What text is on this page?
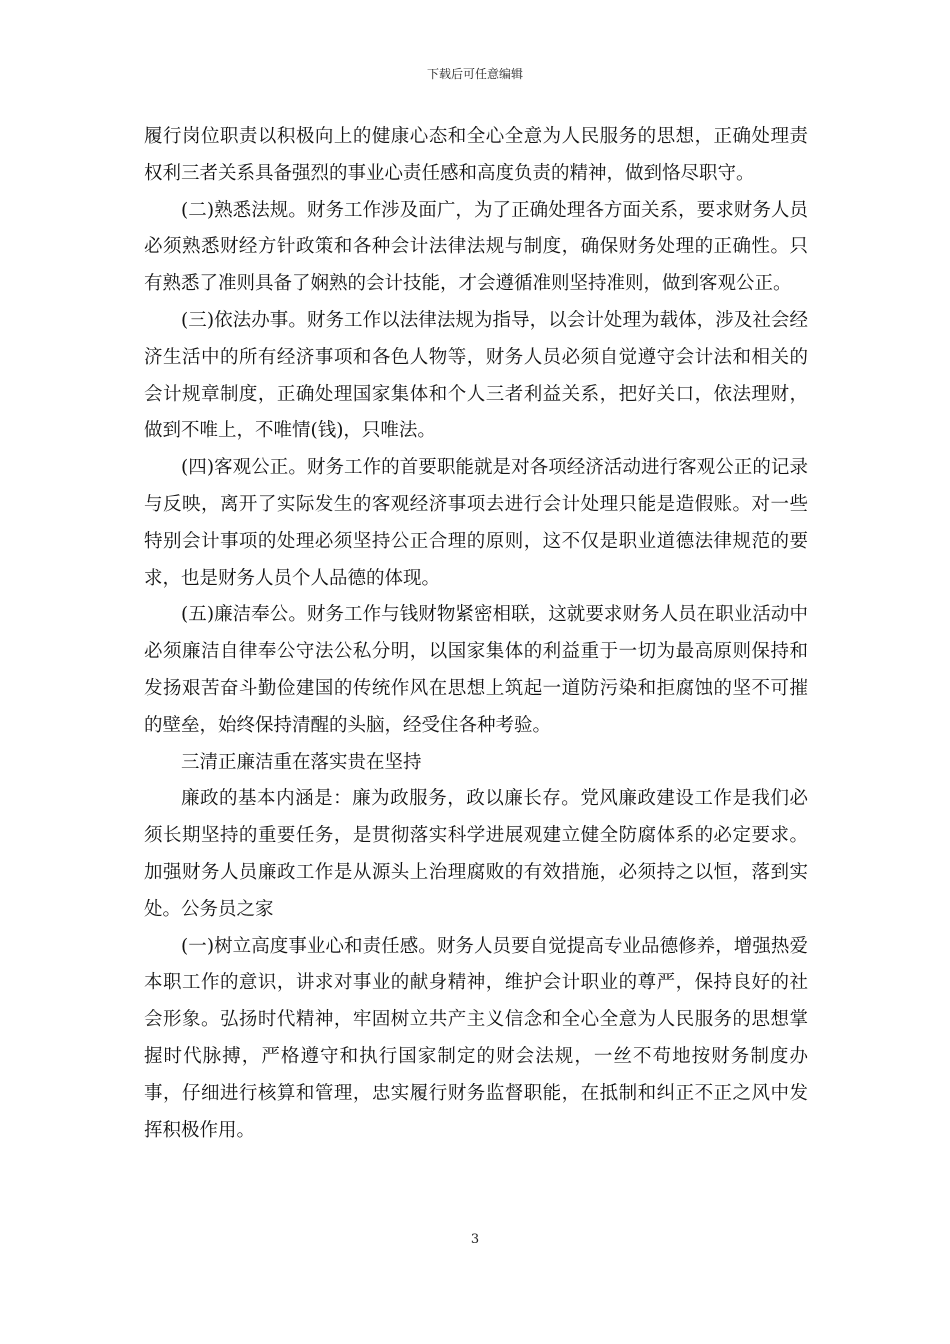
下载后可任意编辑

履行岗位职责以积极向上的健康心态和全心全意为人民服务的思想，正确处理责权利三者关系具备强烈的事业心责任感和高度负责的精神，做到恪尽职守。

(二)熟悉法规。财务工作涉及面广，为了正确处理各方面关系，要求财务人员必须熟悉财经方针政策和各种会计法律法规与制度，确保财务处理的正确性。只有熟悉了准则具备了娴熟的会计技能，才会遵循准则坚持准则，做到客观公正。

(三)依法办事。财务工作以法律法规为指导，以会计处理为载体，涉及社会经济生活中的所有经济事项和各色人物等，财务人员必须自觉遵守会计法和相关的会计规章制度，正确处理国家集体和个人三者利益关系，把好关口，依法理财，做到不唯上，不唯情(钱)，只唯法。

(四)客观公正。财务工作的首要职能就是对各项经济活动进行客观公正的记录与反映，离开了实际发生的客观经济事项去进行会计处理只能是造假账。对一些特别会计事项的处理必须坚持公正合理的原则，这不仅是职业道德法律规范的要求，也是财务人员个人品德的体现。

(五)廉洁奉公。财务工作与钱财物紧密相联，这就要求财务人员在职业活动中必须廉洁自律奉公守法公私分明，以国家集体的利益重于一切为最高原则保持和发扬艰苦奋斗勤俭建国的传统作风在思想上筑起一道防污染和拒腐蚀的坚不可摧的壁垒，始终保持清醒的头脑，经受住各种考验。

三清正廉洁重在落实贵在坚持

廉政的基本内涵是：廉为政服务，政以廉长存。党风廉政建设工作是我们必须长期坚持的重要任务，是贯彻落实科学进展观建立健全防腐体系的必定要求。加强财务人员廉政工作是从源头上治理腐败的有效措施，必须持之以恒，落到实处。公务员之家

(一)树立高度事业心和责任感。财务人员要自觉提高专业品德修养，增强热爱本职工作的意识，讲求对事业的献身精神，维护会计职业的尊严，保持良好的社会形象。弘扬时代精神，牢固树立共产主义信念和全心全意为人民服务的思想掌握时代脉搏，严格遵守和执行国家制定的财会法规，一丝不苟地按财务制度办事，仔细进行核算和管理，忠实履行财务监督职能，在抵制和纠正不正之风中发挥积极作用。

3
